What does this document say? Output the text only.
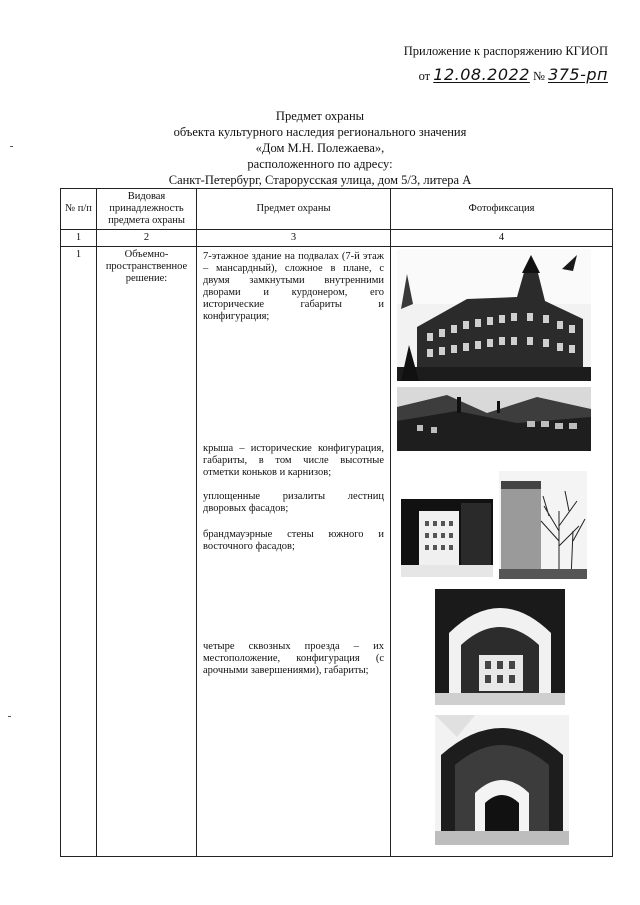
Приложение к распоряжению КГИОП
от 12.08.2022 № 375-рп
Предмет охраны
объекта культурного наследия регионального значения
«Дом М.Н. Полежаева»,
расположенного по адресу:
Санкт-Петербург, Старорусская улица, дом 5/3, литера А
№ п/п	Видовая принадлежность предмета охраны	Предмет охраны	Фотофиксация
1	2	3	4
1	Объемно-пространственное решение:	7-этажное здание на подвалах (7-й этаж – мансардный), сложное в плане, с двумя замкнутыми внутренними дворами и курдонером, его исторические габариты и конфигурация;
крыша – исторические конфигурация, габариты, в том числе высотные отметки коньков и карнизов;
уплощенные ризалиты лестниц дворовых фасадов;
брандмауэрные стены южного и восточного фасадов;
четыре сквозных проезда – их местоположение, конфигурация (с арочными завершениями), габариты;
